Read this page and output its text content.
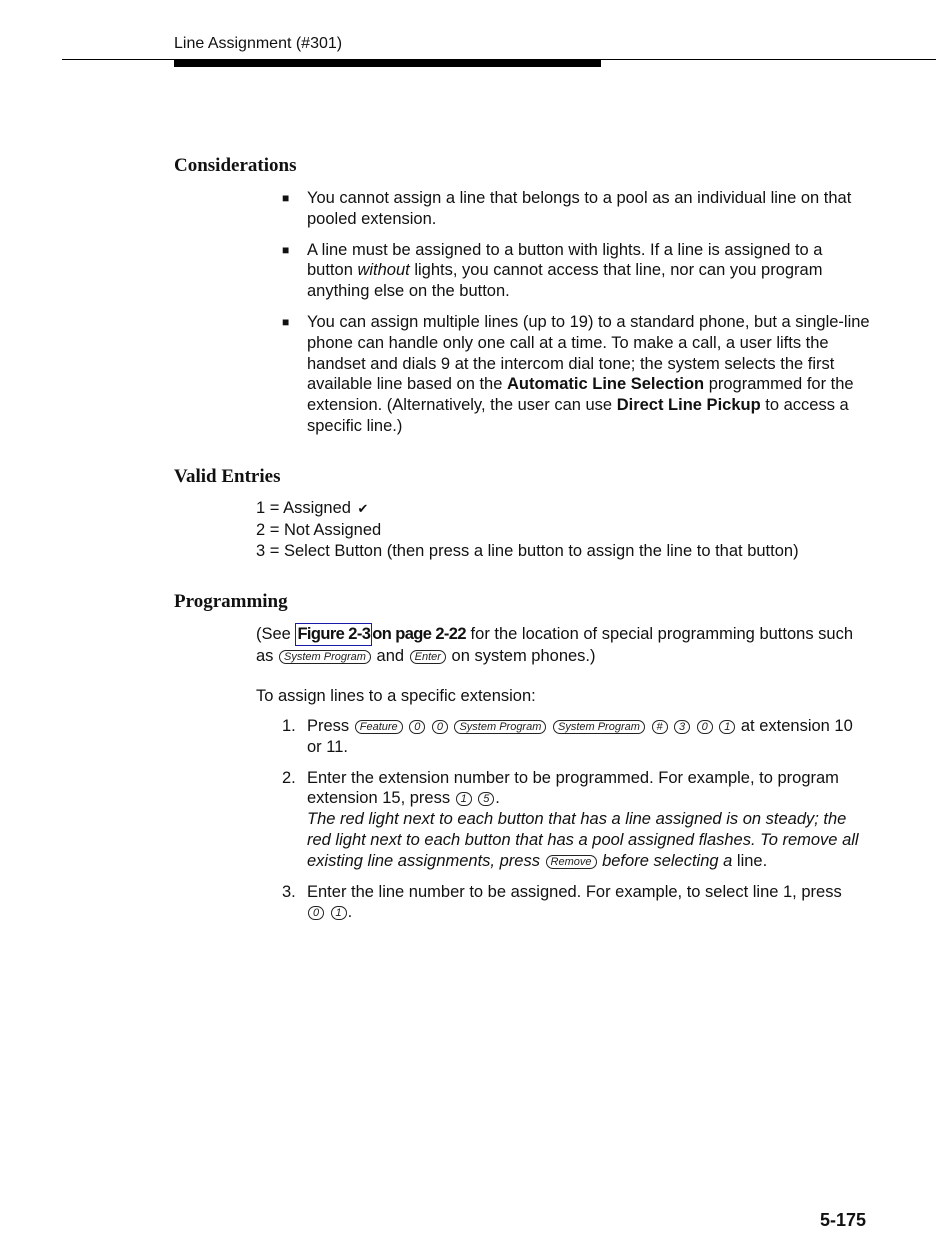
Line Assignment (#301)
Considerations
■ You cannot assign a line that belongs to a pool as an individual line on that pooled extension.
■ A line must be assigned to a button with lights. If a line is assigned to a button without lights, you cannot access that line, nor can you program anything else on the button.
■ You can assign multiple lines (up to 19) to a standard phone, but a single-line phone can handle only one call at a time. To make a call, a user lifts the handset and dials 9 at the intercom dial tone; the system selects the first available line based on the Automatic Line Selection programmed for the extension. (Alternatively, the user can use Direct Line Pickup to access a specific line.)
Valid Entries
1 = Assigned ✔
2 = Not Assigned
3 = Select Button (then press a line button to assign the line to that button)
Programming
(See Figure 2-3 on page 2-22 for the location of special programming buttons such as System Program and Enter on system phones.)
To assign lines to a specific extension:
1. Press Feature 0 0 System Program System Program # 3 0 1 at extension 10 or 11.
2. Enter the extension number to be programmed. For example, to program extension 15, press 1 5 .
The red light next to each button that has a line assigned is on steady; the red light next to each button that has a pool assigned flashes. To remove all existing line assignments, press Remove before selecting a line.
3. Enter the line number to be assigned. For example, to select line 1, press
0 1 .
5-175
